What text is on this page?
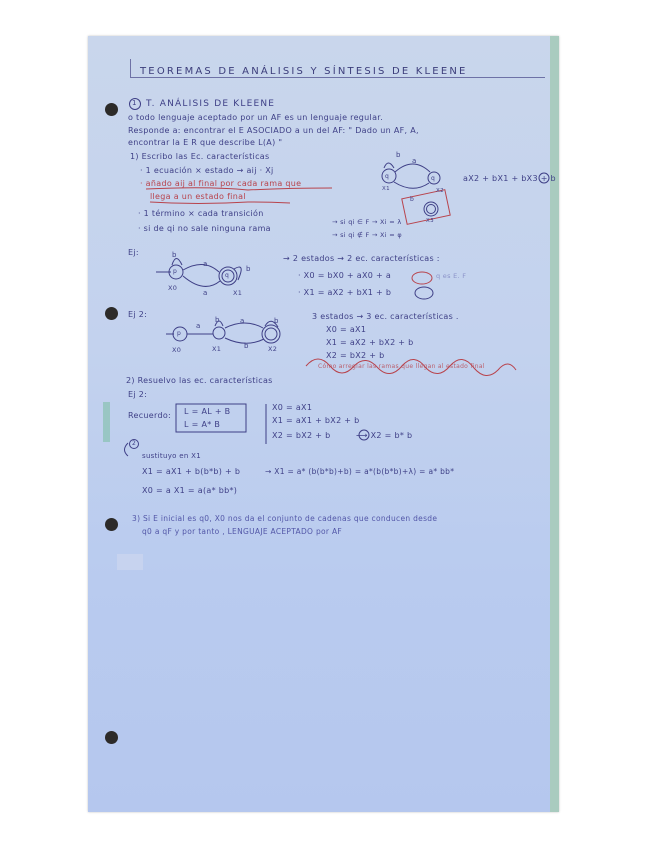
TEOREMAS DE ANÁLISIS Y SÍNTESIS DE KLEENE
1 T. ANÁLISIS DE KLEENE
o todo lenguaje aceptado por un AF es un lenguaje regular.
Responde a: encontrar el E ASOCIADO a un del AF: " Dado un AF, A,
encontrar la E R que describe L(A) "
1) Escribo las Ec. características
· 1 ecuación × estado → aij · Xj
· añado aij al final por cada rama que
llega a un estado final
· 1 término × cada transición
· si de qi no sale ninguna rama
→ si qi ∈ F → Xi = λ
→ si qi ∉ F → Xi = φ
aX2 + bX1 + bX3 + b
Ej:
→ 2 estados → 2 ec. características :
· X0 = bX0 + aX0 + a	q es E. F
· X1 = aX2 + bX1 + b
Ej 2:	3 estados → 3 ec. características .
X0 = aX1
X1 = aX2 + bX2 + b
X2 = bX2 + b
Cómo arreglar las ramas que llegan al estado final
2) Resuelvo las ec. características
Ej 2:
Recuerdo: L = AL + B
L = A* B
X0 = aX1
X1 = aX1 + bX2 + b
X2 = bX2 + b	⟶ X2 = b* b
2
sustituyo en X1
X1 = aX1 + b(b*b) + b	→ X1 = a* (b(b*b)+b) = a*(b(b*b)+λ) = a* bb*
X0 = a X1 = a(a* bb*)
3) Si E inicial es q0, X0 nos da el conjunto de cadenas que conducen desde
q0 a qF y por tanto , LENGUAJE ACEPTADO por AF
b
a
q	q
X1	X2
b
X3
b
p
a
q
b
X0
a	X1
b
p
a
a	b
X0	X1	b	X2
